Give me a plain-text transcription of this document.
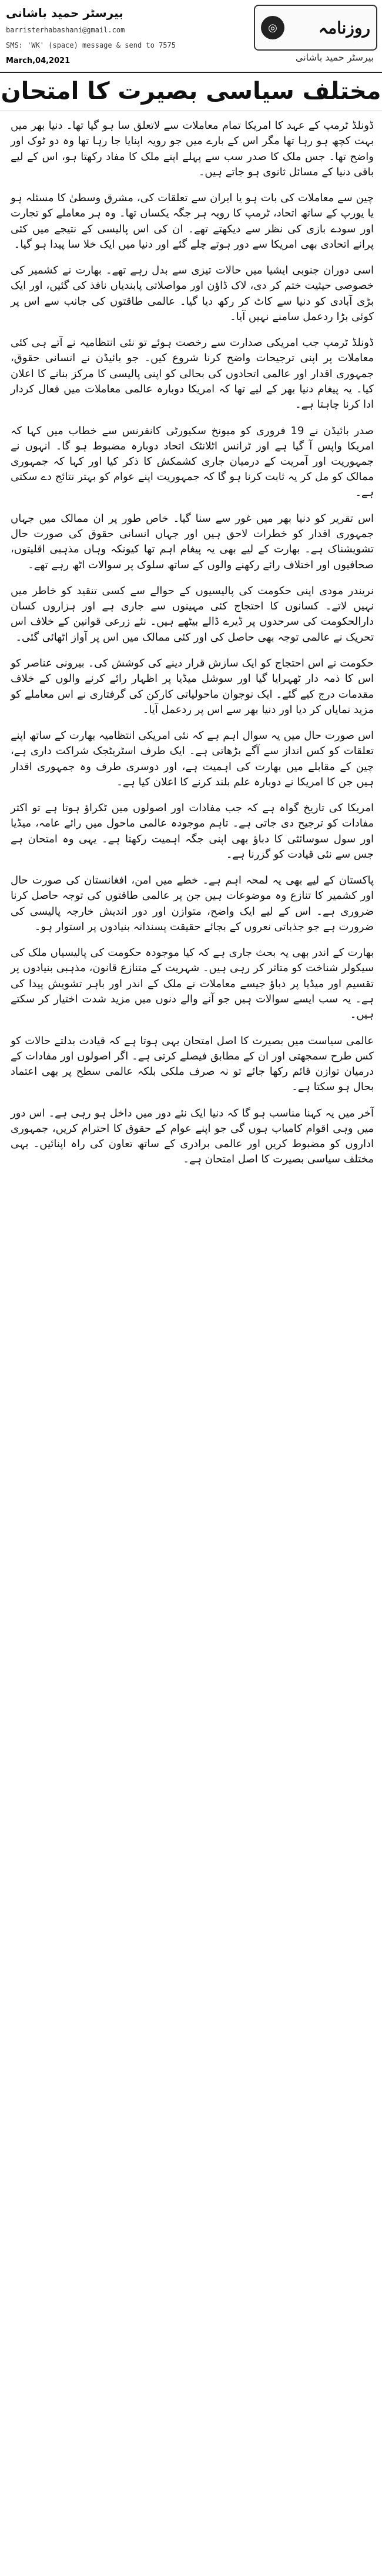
◎	روزنامہ
بیرسٹر حمید باشانی
بیرسٹر حمید باشانی
barristerhabashani@gmail.com
SMS: 'WK' (space) message & send to 7575
March,04,2021
مختلف سیاسی بصیرت کا امتحان

ڈونلڈ ٹرمپ کے عہد کا امریکا تمام معاملات سے لاتعلق سا ہو گیا تھا۔ دنیا بھر میں بہت کچھ ہو رہا تھا مگر اس کے بارے میں جو رویہ اپنایا جا رہا تھا وہ دو ٹوک اور واضح تھا۔ جس ملک کا صدر سب سے پہلے اپنے ملک کا مفاد رکھتا ہو، اس کے لیے باقی دنیا کے مسائل ثانوی ہو جاتے ہیں۔

چین سے معاملات کی بات ہو یا ایران سے تعلقات کی، مشرق وسطیٰ کا مسئلہ ہو یا یورپ کے ساتھ اتحاد، ٹرمپ کا رویہ ہر جگہ یکساں تھا۔ وہ ہر معاملے کو تجارت اور سودے بازی کی نظر سے دیکھتے تھے۔ ان کی اس پالیسی کے نتیجے میں کئی پرانے اتحادی بھی امریکا سے دور ہوتے چلے گئے اور دنیا میں ایک خلا سا پیدا ہو گیا۔

اسی دوران جنوبی ایشیا میں حالات تیزی سے بدل رہے تھے۔ بھارت نے کشمیر کی خصوصی حیثیت ختم کر دی، لاک ڈاؤن اور مواصلاتی پابندیاں نافذ کی گئیں، اور ایک بڑی آبادی کو دنیا سے کاٹ کر رکھ دیا گیا۔ عالمی طاقتوں کی جانب سے اس پر کوئی بڑا ردعمل سامنے نہیں آیا۔

ڈونلڈ ٹرمپ جب امریکی صدارت سے رخصت ہوئے تو نئی انتظامیہ نے آتے ہی کئی معاملات پر اپنی ترجیحات واضح کرنا شروع کیں۔ جو بائیڈن نے انسانی حقوق، جمہوری اقدار اور عالمی اتحادوں کی بحالی کو اپنی پالیسی کا مرکز بنانے کا اعلان کیا۔ یہ پیغام دنیا بھر کے لیے تھا کہ امریکا دوبارہ عالمی معاملات میں فعال کردار ادا کرنا چاہتا ہے۔

صدر بائیڈن نے 19 فروری کو میونخ سکیورٹی کانفرنس سے خطاب میں کہا کہ امریکا واپس آ گیا ہے اور ٹرانس اٹلانٹک اتحاد دوبارہ مضبوط ہو گا۔ انہوں نے جمہوریت اور آمریت کے درمیان جاری کشمکش کا ذکر کیا اور کہا کہ جمہوری ممالک کو مل کر یہ ثابت کرنا ہو گا کہ جمہوریت اپنے عوام کو بہتر نتائج دے سکتی ہے۔

اس تقریر کو دنیا بھر میں غور سے سنا گیا۔ خاص طور پر ان ممالک میں جہاں جمہوری اقدار کو خطرات لاحق ہیں اور جہاں انسانی حقوق کی صورت حال تشویشناک ہے۔ بھارت کے لیے بھی یہ پیغام اہم تھا کیونکہ وہاں مذہبی اقلیتوں، صحافیوں اور اختلاف رائے رکھنے والوں کے ساتھ سلوک پر سوالات اٹھ رہے تھے۔

نریندر مودی اپنی حکومت کی پالیسیوں کے حوالے سے کسی تنقید کو خاطر میں نہیں لاتے۔ کسانوں کا احتجاج کئی مہینوں سے جاری ہے اور ہزاروں کسان دارالحکومت کی سرحدوں پر ڈیرے ڈالے بیٹھے ہیں۔ نئے زرعی قوانین کے خلاف اس تحریک نے عالمی توجہ بھی حاصل کی اور کئی ممالک میں اس پر آواز اٹھائی گئی۔

حکومت نے اس احتجاج کو ایک سازش قرار دینے کی کوشش کی۔ بیرونی عناصر کو اس کا ذمہ دار ٹھہرایا گیا اور سوشل میڈیا پر اظہار رائے کرنے والوں کے خلاف مقدمات درج کیے گئے۔ ایک نوجوان ماحولیاتی کارکن کی گرفتاری نے اس معاملے کو مزید نمایاں کر دیا اور دنیا بھر سے اس پر ردعمل آیا۔

اس صورت حال میں یہ سوال اہم ہے کہ نئی امریکی انتظامیہ بھارت کے ساتھ اپنے تعلقات کو کس انداز سے آگے بڑھاتی ہے۔ ایک طرف اسٹریٹجک شراکت داری ہے، چین کے مقابلے میں بھارت کی اہمیت ہے، اور دوسری طرف وہ جمہوری اقدار ہیں جن کا امریکا نے دوبارہ علم بلند کرنے کا اعلان کیا ہے۔

امریکا کی تاریخ گواہ ہے کہ جب مفادات اور اصولوں میں ٹکراؤ ہوتا ہے تو اکثر مفادات کو ترجیح دی جاتی ہے۔ تاہم موجودہ عالمی ماحول میں رائے عامہ، میڈیا اور سول سوسائٹی کا دباؤ بھی اپنی جگہ اہمیت رکھتا ہے۔ یہی وہ امتحان ہے جس سے نئی قیادت کو گزرنا ہے۔

پاکستان کے لیے بھی یہ لمحہ اہم ہے۔ خطے میں امن، افغانستان کی صورت حال اور کشمیر کا تنازع وہ موضوعات ہیں جن پر عالمی طاقتوں کی توجہ حاصل کرنا ضروری ہے۔ اس کے لیے ایک واضح، متوازن اور دور اندیش خارجہ پالیسی کی ضرورت ہے جو جذباتی نعروں کے بجائے حقیقت پسندانہ بنیادوں پر استوار ہو۔

بھارت کے اندر بھی یہ بحث جاری ہے کہ کیا موجودہ حکومت کی پالیسیاں ملک کی سیکولر شناخت کو متاثر کر رہی ہیں۔ شہریت کے متنازع قانون، مذہبی بنیادوں پر تقسیم اور میڈیا پر دباؤ جیسے معاملات نے ملک کے اندر اور باہر تشویش پیدا کی ہے۔ یہ سب ایسے سوالات ہیں جو آنے والے دنوں میں مزید شدت اختیار کر سکتے ہیں۔

عالمی سیاست میں بصیرت کا اصل امتحان یہی ہوتا ہے کہ قیادت بدلتے حالات کو کس طرح سمجھتی اور ان کے مطابق فیصلے کرتی ہے۔ اگر اصولوں اور مفادات کے درمیان توازن قائم رکھا جائے تو نہ صرف ملکی بلکہ عالمی سطح پر بھی اعتماد بحال ہو سکتا ہے۔

آخر میں یہ کہنا مناسب ہو گا کہ دنیا ایک نئے دور میں داخل ہو رہی ہے۔ اس دور میں وہی اقوام کامیاب ہوں گی جو اپنے عوام کے حقوق کا احترام کریں، جمہوری اداروں کو مضبوط کریں اور عالمی برادری کے ساتھ تعاون کی راہ اپنائیں۔ یہی مختلف سیاسی بصیرت کا اصل امتحان ہے۔
